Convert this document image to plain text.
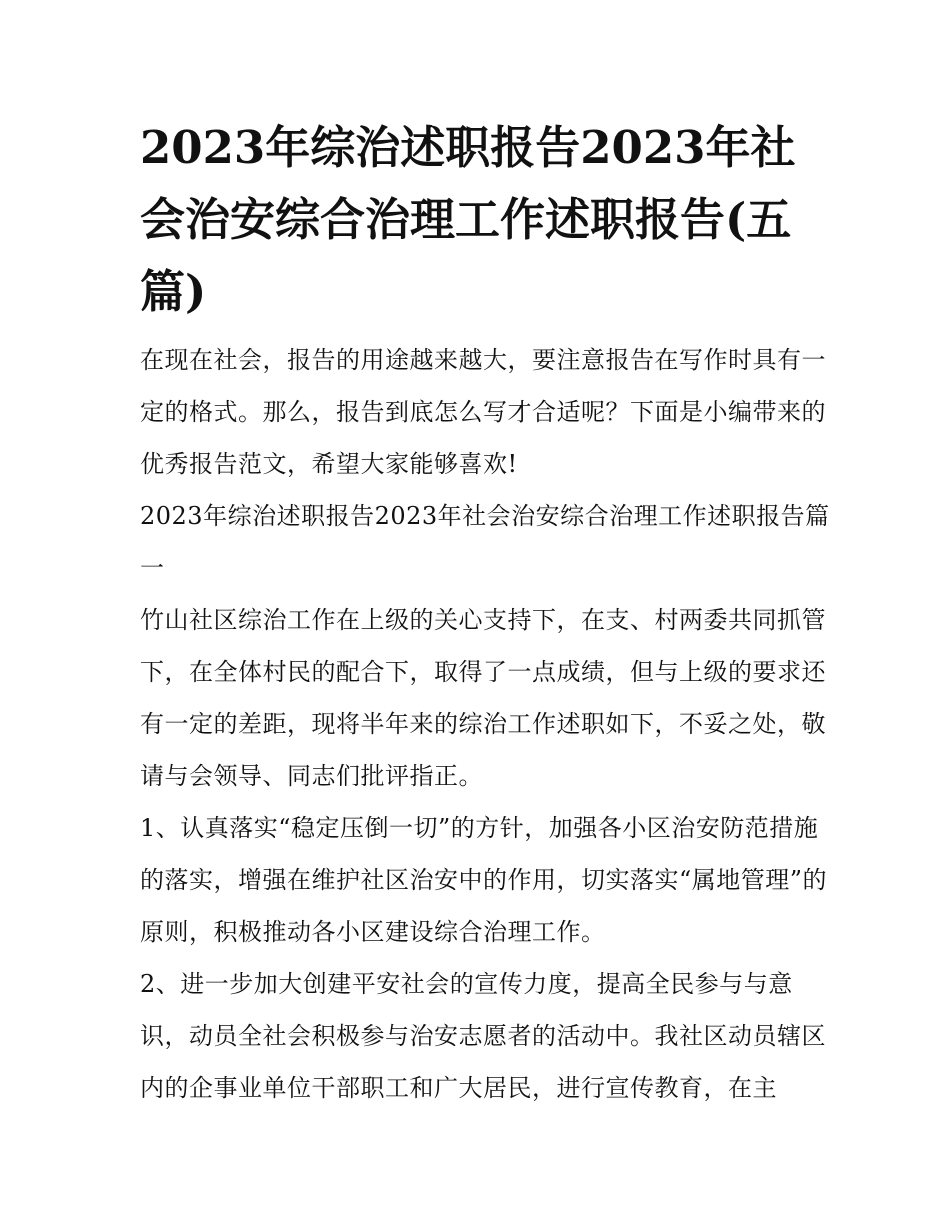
2023年综治述职报告2023年社会治安综合治理工作述职报告(五篇)

在现在社会，报告的用途越来越大，要注意报告在写作时具有一定的格式。那么，报告到底怎么写才合适呢？下面是小编带来的优秀报告范文，希望大家能够喜欢!

2023年综治述职报告2023年社会治安综合治理工作述职报告篇一

竹山社区综治工作在上级的关心支持下，在支、村两委共同抓管下，在全体村民的配合下，取得了一点成绩，但与上级的要求还有一定的差距，现将半年来的综治工作述职如下，不妥之处，敬请与会领导、同志们批评指正。

1、认真落实“稳定压倒一切”的方针，加强各小区治安防范措施的落实，增强在维护社区治安中的作用，切实落实“属地管理”的原则，积极推动各小区建设综合治理工作。

2、进一步加大创建平安社会的宣传力度，提高全民参与与意识，动员全社会积极参与治安志愿者的活动中。我社区动员辖区内的企事业单位干部职工和广大居民，进行宣传教育，在主
